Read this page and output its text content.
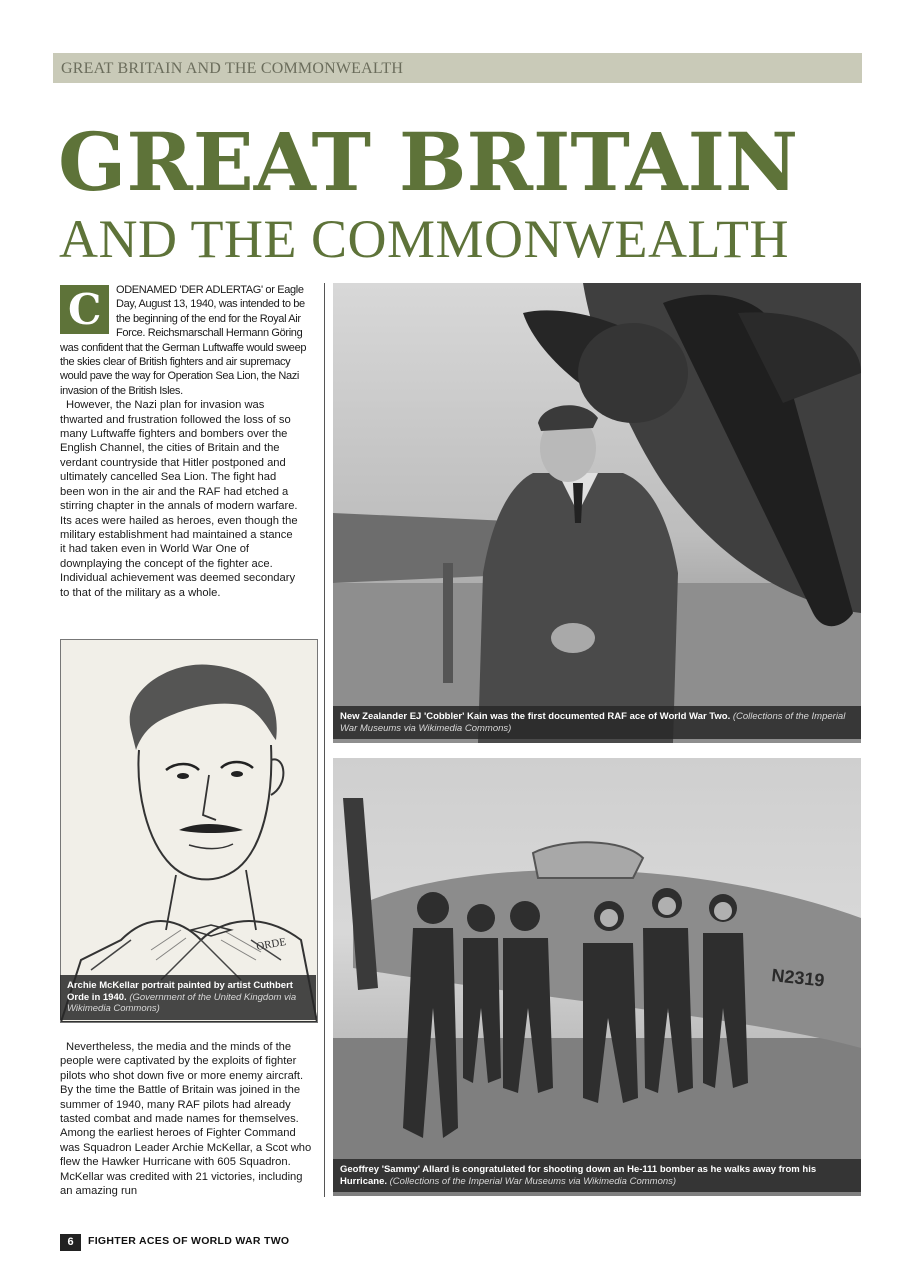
GREAT BRITAIN AND THE COMMONWEALTH
GREAT BRITAIN
AND THE COMMONWEALTH

C	ODENAMED 'DER ADLERTAG' or Eagle Day, August 13, 1940, was intended to be the beginning of the end for the Royal Air Force. Reichsmarschall Hermann Göring was confident that the German Luftwaffe would sweep the skies clear of British fighters and air supremacy would pave the way for Operation Sea Lion, the Nazi invasion of the British Isles.

However, the Nazi plan for invasion was thwarted and frustration followed the loss of so many Luftwaffe fighters and bombers over the English Channel, the cities of Britain and the verdant countryside that Hitler postponed and ultimately cancelled Sea Lion. The fight had been won in the air and the RAF had etched a stirring chapter in the annals of modern warfare. Its aces were hailed as heroes, even though the military establishment had maintained a stance it had taken even in World War One of downplaying the concept of the fighter ace. Individual achievement was deemed secondary to that of the military as a whole.

ORDE
Archie McKellar portrait painted by artist Cuthbert Orde in 1940. (Government of the United Kingdom via Wikimedia Commons)

Nevertheless, the media and the minds of the people were captivated by the exploits of fighter pilots who shot down five or more enemy aircraft. By the time the Battle of Britain was joined in the summer of 1940, many RAF pilots had already tasted combat and made names for themselves. Among the earliest heroes of Fighter Command was Squadron Leader Archie McKellar, a Scot who flew the Hawker Hurricane with 605 Squadron. McKellar was credited with 21 victories, including an amazing run

New Zealander EJ 'Cobbler' Kain was the first documented RAF ace of World War Two. (Collections of the Imperial War Museums via Wikimedia Commons)
N2319
Geoffrey 'Sammy' Allard is congratulated for shooting down an He-111 bomber as he walks away from his Hurricane. (Collections of the Imperial War Museums via Wikimedia Commons)
6	FIGHTER ACES OF WORLD WAR TWO
